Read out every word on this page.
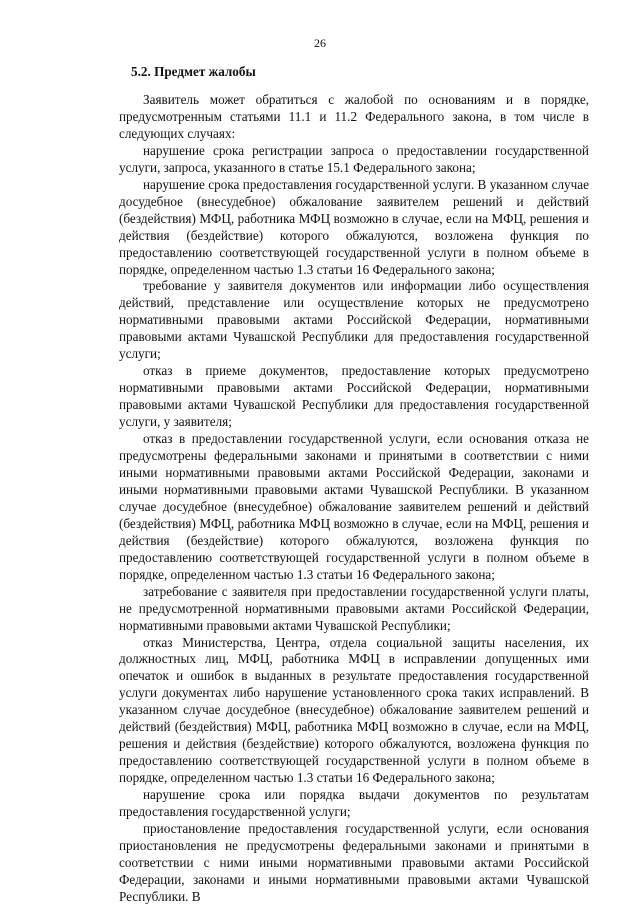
26
5.2. Предмет жалобы

Заявитель может обратиться с жалобой по основаниям и в порядке, предусмотренным статьями 11.1 и 11.2 Федерального закона, в том числе в следующих случаях:

нарушение срока регистрации запроса о предоставлении государственной услуги, запроса, указанного в статье 15.1 Федерального закона;

нарушение срока предоставления государственной услуги. В указанном случае досудебное (внесудебное) обжалование заявителем решений и действий (бездействия) МФЦ, работника МФЦ возможно в случае, если на МФЦ, решения и действия (бездействие) которого обжалуются, возложена функция по предоставлению соответствующей государственной услуги в полном объеме в порядке, определенном частью 1.3 статьи 16 Федерального закона;

требование у заявителя документов или информации либо осуществления действий, представление или осуществление которых не предусмотрено нормативными правовыми актами Российской Федерации, нормативными правовыми актами Чувашской Республики для предоставления государственной услуги;

отказ в приеме документов, предоставление которых предусмотрено нормативными правовыми актами Российской Федерации, нормативными правовыми актами Чувашской Республики для предоставления государственной услуги, у заявителя;

отказ в предоставлении государственной услуги, если основания отказа не предусмотрены федеральными законами и принятыми в соответствии с ними иными нормативными правовыми актами Российской Федерации, законами и иными нормативными правовыми актами Чувашской Республики. В указанном случае досудебное (внесудебное) обжалование заявителем решений и действий (бездействия) МФЦ, работника МФЦ возможно в случае, если на МФЦ, решения и действия (бездействие) которого обжалуются, возложена функция по предоставлению соответствующей государственной услуги в полном объеме в порядке, определенном частью 1.3 статьи 16 Федерального закона;

затребование с заявителя при предоставлении государственной услуги платы, не предусмотренной нормативными правовыми актами Российской Федерации, нормативными правовыми актами Чувашской Республики;

отказ Министерства, Центра, отдела социальной защиты населения, их должностных лиц, МФЦ, работника МФЦ в исправлении допущенных ими опечаток и ошибок в выданных в результате предоставления государственной услуги документах либо нарушение установленного срока таких исправлений. В указанном случае досудебное (внесудебное) обжалование заявителем решений и действий (бездействия) МФЦ, работника МФЦ возможно в случае, если на МФЦ, решения и действия (бездействие) которого обжалуются, возложена функция по предоставлению соответствующей государственной услуги в полном объеме в порядке, определенном частью 1.3 статьи 16 Федерального закона;

нарушение срока или порядка выдачи документов по результатам предоставления государственной услуги;

приостановление предоставления государственной услуги, если основания приостановления не предусмотрены федеральными законами и принятыми в соответствии с ними иными нормативными правовыми актами Российской Федерации, законами и иными нормативными правовыми актами Чувашской Республики. В
